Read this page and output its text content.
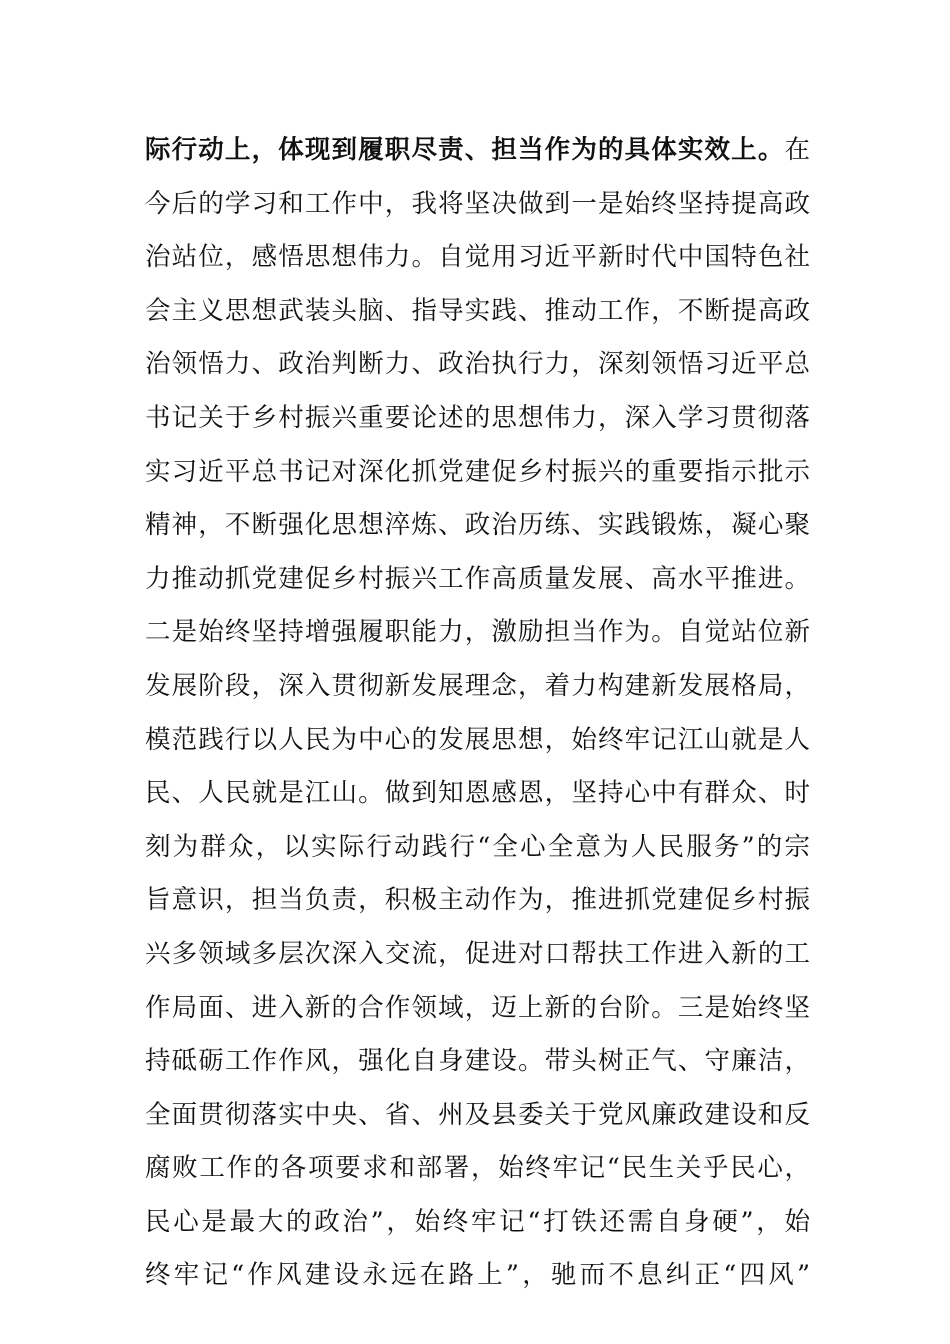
际行动上，体现到履职尽责、担当作为的具体实效上。在
今后的学习和工作中，我将坚决做到一是始终坚持提高政
治站位，感悟思想伟力。自觉用习近平新时代中国特色社
会主义思想武装头脑、指导实践、推动工作，不断提高政
治领悟力、政治判断力、政治执行力，深刻领悟习近平总
书记关于乡村振兴重要论述的思想伟力，深入学习贯彻落
实习近平总书记对深化抓党建促乡村振兴的重要指示批示
精神，不断强化思想淬炼、政治历练、实践锻炼，凝心聚
力推动抓党建促乡村振兴工作高质量发展、高水平推进。
二是始终坚持增强履职能力，激励担当作为。自觉站位新
发展阶段，深入贯彻新发展理念，着力构建新发展格局，
模范践行以人民为中心的发展思想，始终牢记江山就是人
民、人民就是江山。做到知恩感恩，坚持心中有群众、时
刻为群众，以实际行动践行“全心全意为人民服务”的宗
旨意识，担当负责，积极主动作为，推进抓党建促乡村振
兴多领域多层次深入交流，促进对口帮扶工作进入新的工
作局面、进入新的合作领域，迈上新的台阶。三是始终坚
持砥砺工作作风，强化自身建设。带头树正气、守廉洁，
全面贯彻落实中央、省、州及县委关于党风廉政建设和反
腐败工作的各项要求和部署，始终牢记“民生关乎民心，
民心是最大的政治”，始终牢记“打铁还需自身硬”，始
终牢记“作风建设永远在路上”，驰而不息纠正“四风”
